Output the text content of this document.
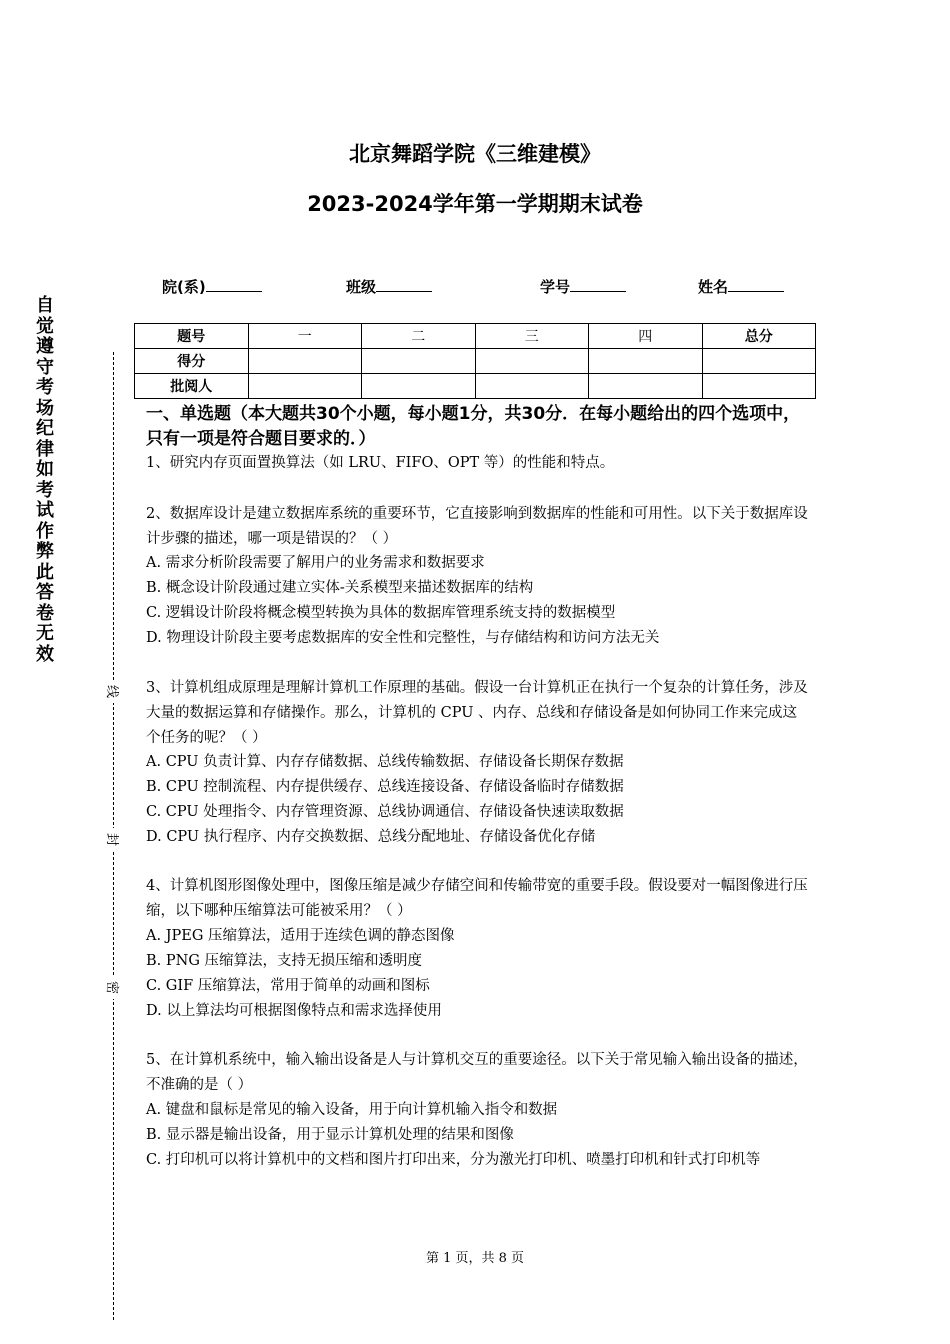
北京舞蹈学院《三维建模》
2023-2024学年第一学期期末试卷
院(系)	班级	学号	姓名
题号	一	二	三	四	总分
得分					
批阅人					
自觉遵守考场纪律如考试作弊此答卷无效
线
封
密
一、单选题（本大题共30个小题，每小题1分，共30分．在每小题给出的四个选项中，只有一项是符合题目要求的．）
1、研究内存页面置换算法（如 LRU、FIFO、OPT 等）的性能和特点。
2、数据库设计是建立数据库系统的重要环节，它直接影响到数据库的性能和可用性。以下关于数据库设计步骤的描述，哪一项是错误的？（ ）
A. 需求分析阶段需要了解用户的业务需求和数据要求
B. 概念设计阶段通过建立实体-关系模型来描述数据库的结构
C. 逻辑设计阶段将概念模型转换为具体的数据库管理系统支持的数据模型
D. 物理设计阶段主要考虑数据库的安全性和完整性，与存储结构和访问方法无关
3、计算机组成原理是理解计算机工作原理的基础。假设一台计算机正在执行一个复杂的计算任务，涉及大量的数据运算和存储操作。那么，计算机的 CPU 、内存、总线和存储设备是如何协同工作来完成这个任务的呢？（ ）
A. CPU 负责计算、内存存储数据、总线传输数据、存储设备长期保存数据
B. CPU 控制流程、内存提供缓存、总线连接设备、存储设备临时存储数据
C. CPU 处理指令、内存管理资源、总线协调通信、存储设备快速读取数据
D. CPU 执行程序、内存交换数据、总线分配地址、存储设备优化存储
4、计算机图形图像处理中，图像压缩是减少存储空间和传输带宽的重要手段。假设要对一幅图像进行压缩，以下哪种压缩算法可能被采用？（ ）
A. JPEG 压缩算法，适用于连续色调的静态图像
B. PNG 压缩算法，支持无损压缩和透明度
C. GIF 压缩算法，常用于简单的动画和图标
D. 以上算法均可根据图像特点和需求选择使用
5、在计算机系统中，输入输出设备是人与计算机交互的重要途径。以下关于常见输入输出设备的描述，不准确的是（ ）
A. 键盘和鼠标是常见的输入设备，用于向计算机输入指令和数据
B. 显示器是输出设备，用于显示计算机处理的结果和图像
C. 打印机可以将计算机中的文档和图片打印出来，分为激光打印机、喷墨打印机和针式打印机等
第 1 页，共 8 页
